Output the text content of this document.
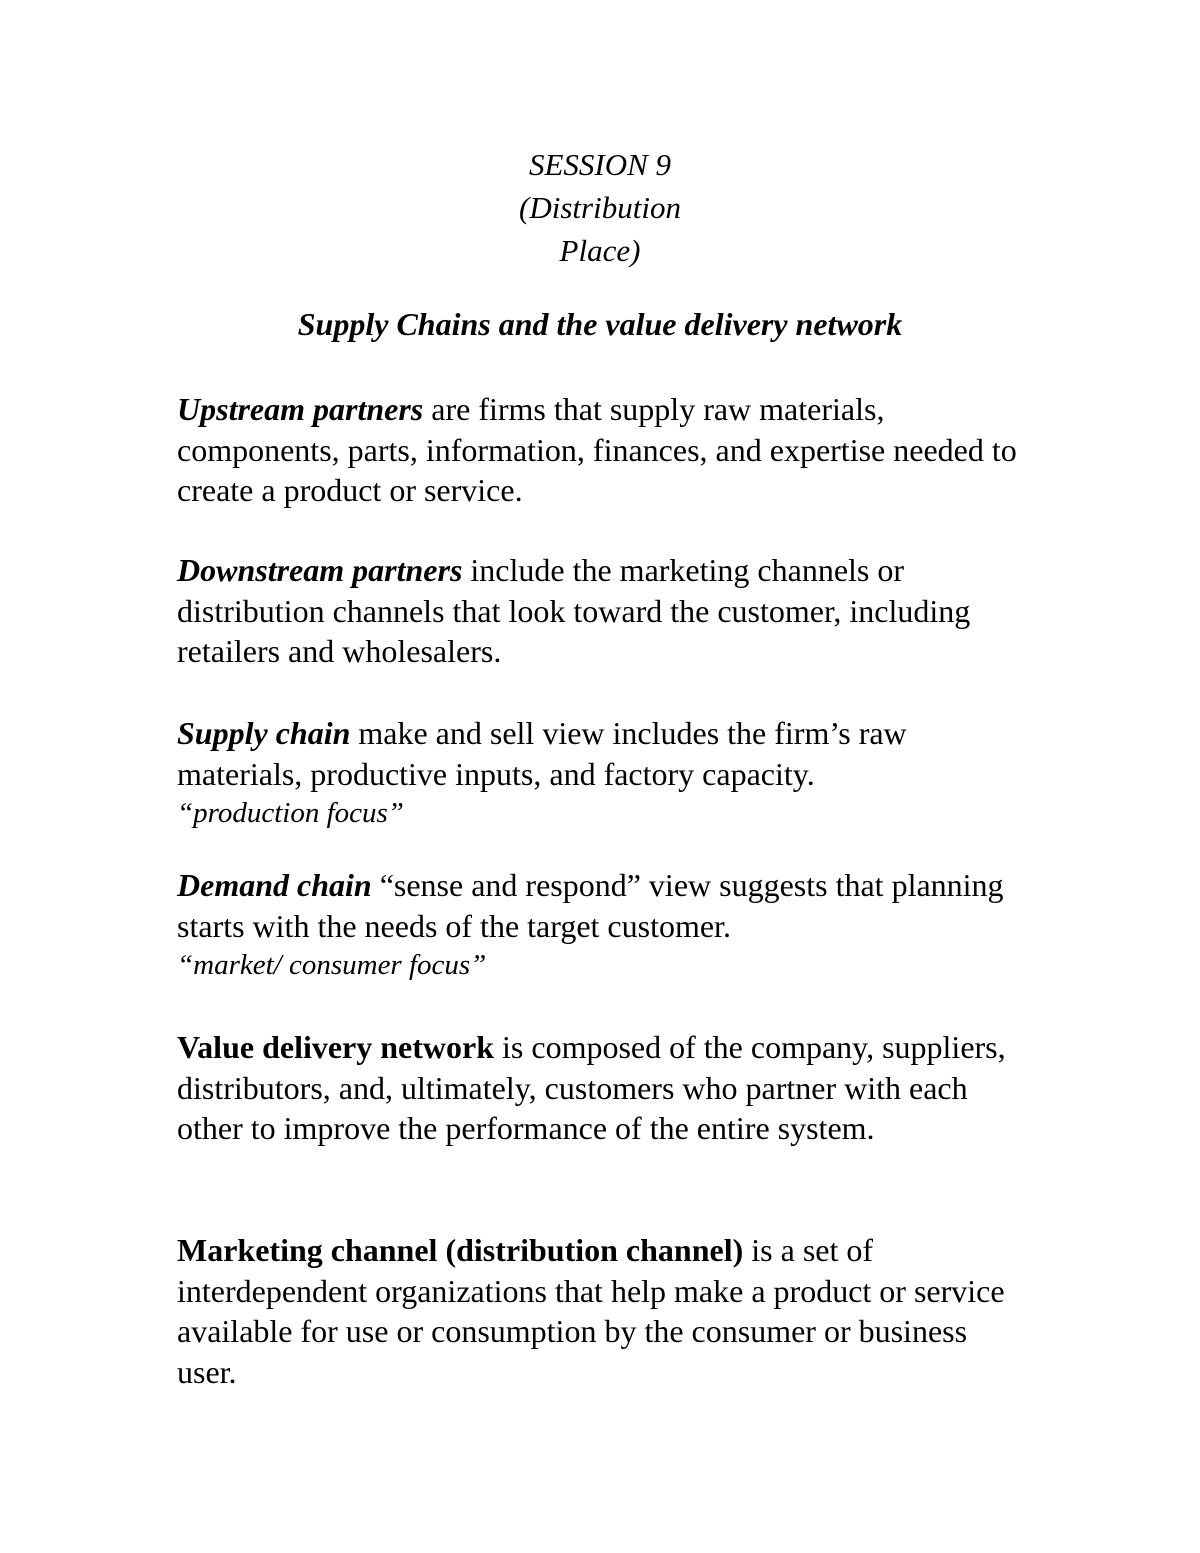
SESSION 9
(Distribution
Place)
Supply Chains and the value delivery network

Upstream partners are firms that supply raw materials, components, parts, information, finances, and expertise needed to create a product or service.

Downstream partners include the marketing channels or distribution channels that look toward the customer, including retailers and wholesalers.

Supply chain make and sell view includes the firm’s raw materials, productive inputs, and factory capacity.
“production focus”

Demand chain “sense and respond” view suggests that planning starts with the needs of the target customer.
“market/ consumer focus”

Value delivery network is composed of the company, suppliers, distributors, and, ultimately, customers who partner with each other to improve the performance of the entire system.

Marketing channel (distribution channel) is a set of interdependent organizations that help make a product or service available for use or consumption by the consumer or business user.
